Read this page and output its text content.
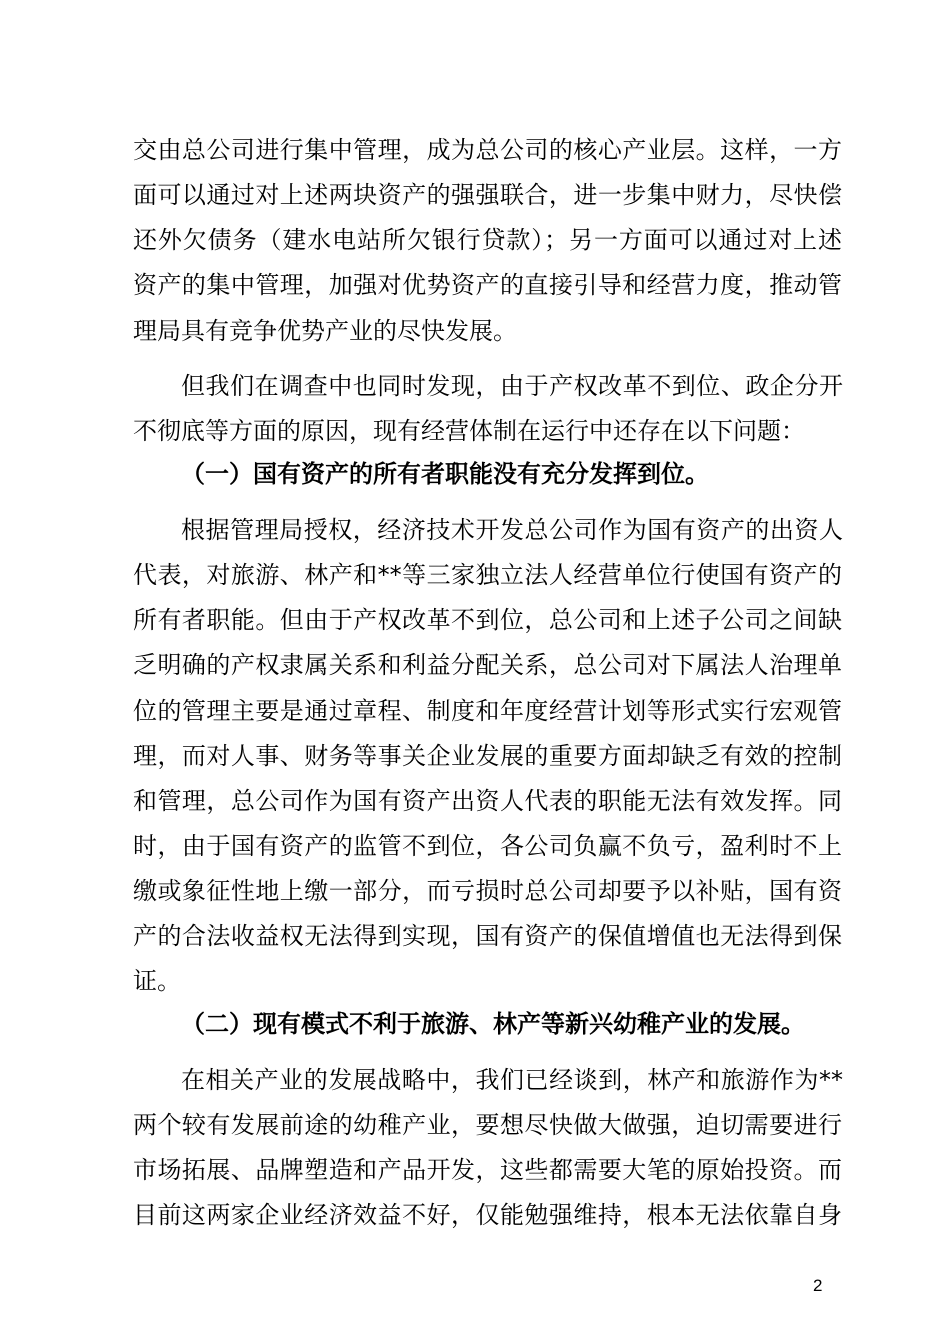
交由总公司进行集中管理，成为总公司的核心产业层。这样，一方
面可以通过对上述两块资产的强强联合，进一步集中财力，尽快偿
还外欠债务（建水电站所欠银行贷款）；另一方面可以通过对上述
资产的集中管理，加强对优势资产的直接引导和经营力度，推动管
理局具有竞争优势产业的尽快发展。
但我们在调查中也同时发现，由于产权改革不到位、政企分开
不彻底等方面的原因，现有经营体制在运行中还存在以下问题：
（一）国有资产的所有者职能没有充分发挥到位。
根据管理局授权，经济技术开发总公司作为国有资产的出资人
代表，对旅游、林产和**等三家独立法人经营单位行使国有资产的
所有者职能。但由于产权改革不到位，总公司和上述子公司之间缺
乏明确的产权隶属关系和利益分配关系，总公司对下属法人治理单
位的管理主要是通过章程、制度和年度经营计划等形式实行宏观管
理，而对人事、财务等事关企业发展的重要方面却缺乏有效的控制
和管理，总公司作为国有资产出资人代表的职能无法有效发挥。同
时，由于国有资产的监管不到位，各公司负赢不负亏，盈利时不上
缴或象征性地上缴一部分，而亏损时总公司却要予以补贴，国有资
产的合法收益权无法得到实现，国有资产的保值增值也无法得到保
证。
（二）现有模式不利于旅游、林产等新兴幼稚产业的发展。
在相关产业的发展战略中，我们已经谈到，林产和旅游作为**
两个较有发展前途的幼稚产业，要想尽快做大做强，迫切需要进行
市场拓展、品牌塑造和产品开发，这些都需要大笔的原始投资。而
目前这两家企业经济效益不好，仅能勉强维持，根本无法依靠自身
2
